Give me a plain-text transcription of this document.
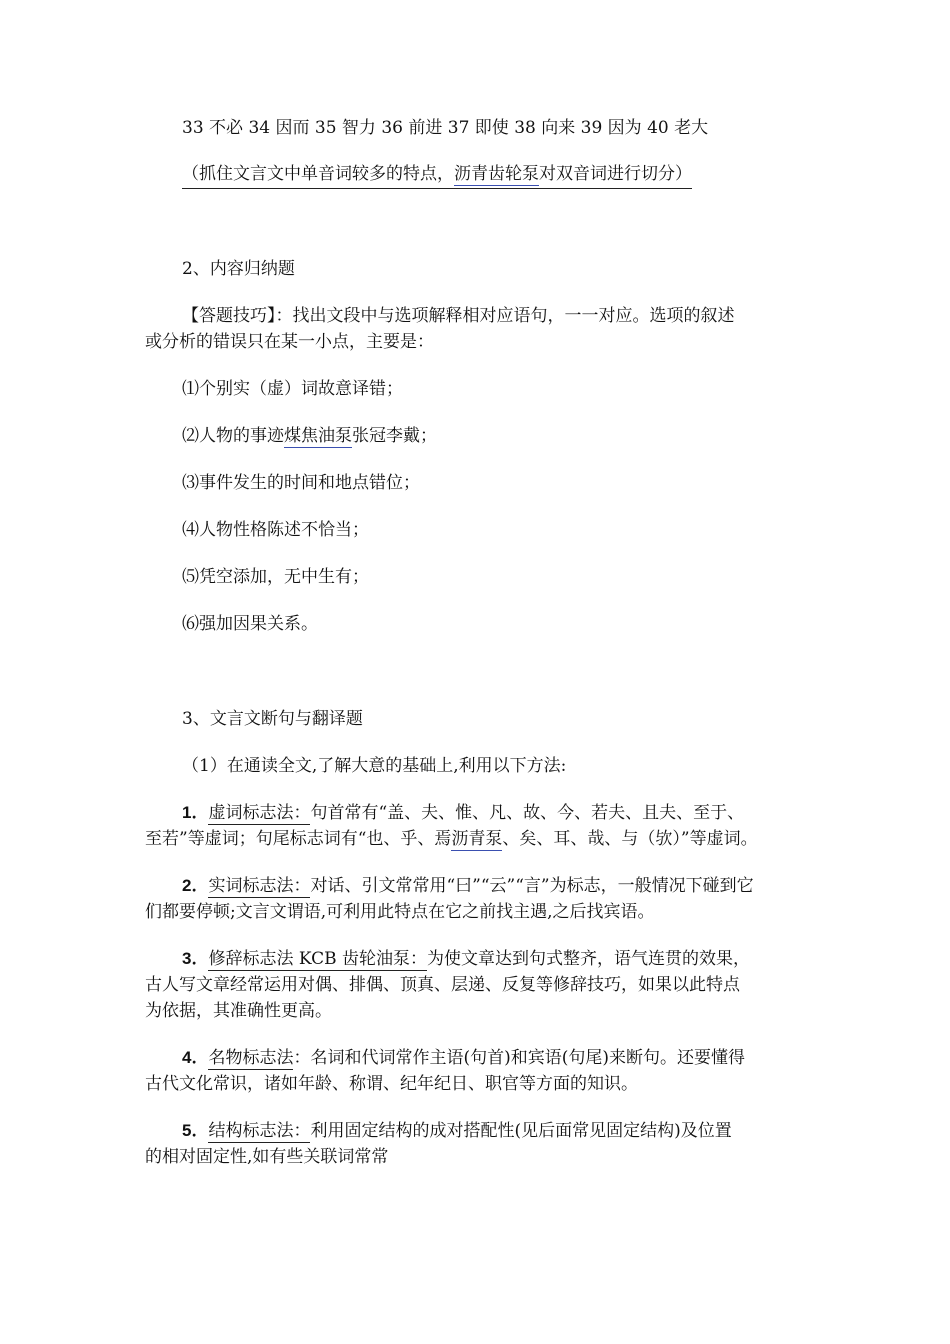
33 不必 34 因而 35 智力 36 前进 37 即使 38 向来 39 因为 40 老大
（抓住文言文中单音词较多的特点，沥青齿轮泵对双音词进行切分）
2、内容归纳题
【答题技巧】：找出文段中与选项解释相对应语句，一一对应。选项的叙述
或分析的错误只在某一小点，主要是：
⑴个别实（虚）词故意译错；
⑵人物的事迹煤焦油泵张冠李戴；
⑶事件发生的时间和地点错位；
⑷人物性格陈述不恰当；
⑸凭空添加，无中生有；
⑹强加因果关系。
3、文言文断句与翻译题
（1）在通读全文,了解大意的基础上,利用以下方法:
1．虚词标志法：句首常有“盖、夫、惟、凡、故、今、若夫、且夫、至于、
至若”等虚词；句尾标志词有“也、乎、焉沥青泵、矣、耳、哉、与（欤）”等虚词。
2．实词标志法：对话、引文常常用“曰”“云”“言”为标志，一般情况下碰到它
们都要停顿;文言文谓语,可利用此特点在它之前找主遇,之后找宾语。
3．修辞标志法 KCB 齿轮油泵：为使文章达到句式整齐，语气连贯的效果，
古人写文章经常运用对偶、排偶、顶真、层递、反复等修辞技巧，如果以此特点
为依据，其准确性更高。
4．名物标志法：名词和代词常作主语(句首)和宾语(句尾)来断句。还要懂得
古代文化常识，诸如年龄、称谓、纪年纪日、职官等方面的知识。
5．结构标志法：利用固定结构的成对搭配性(见后面常见固定结构)及位置
的相对固定性,如有些关联词常常
